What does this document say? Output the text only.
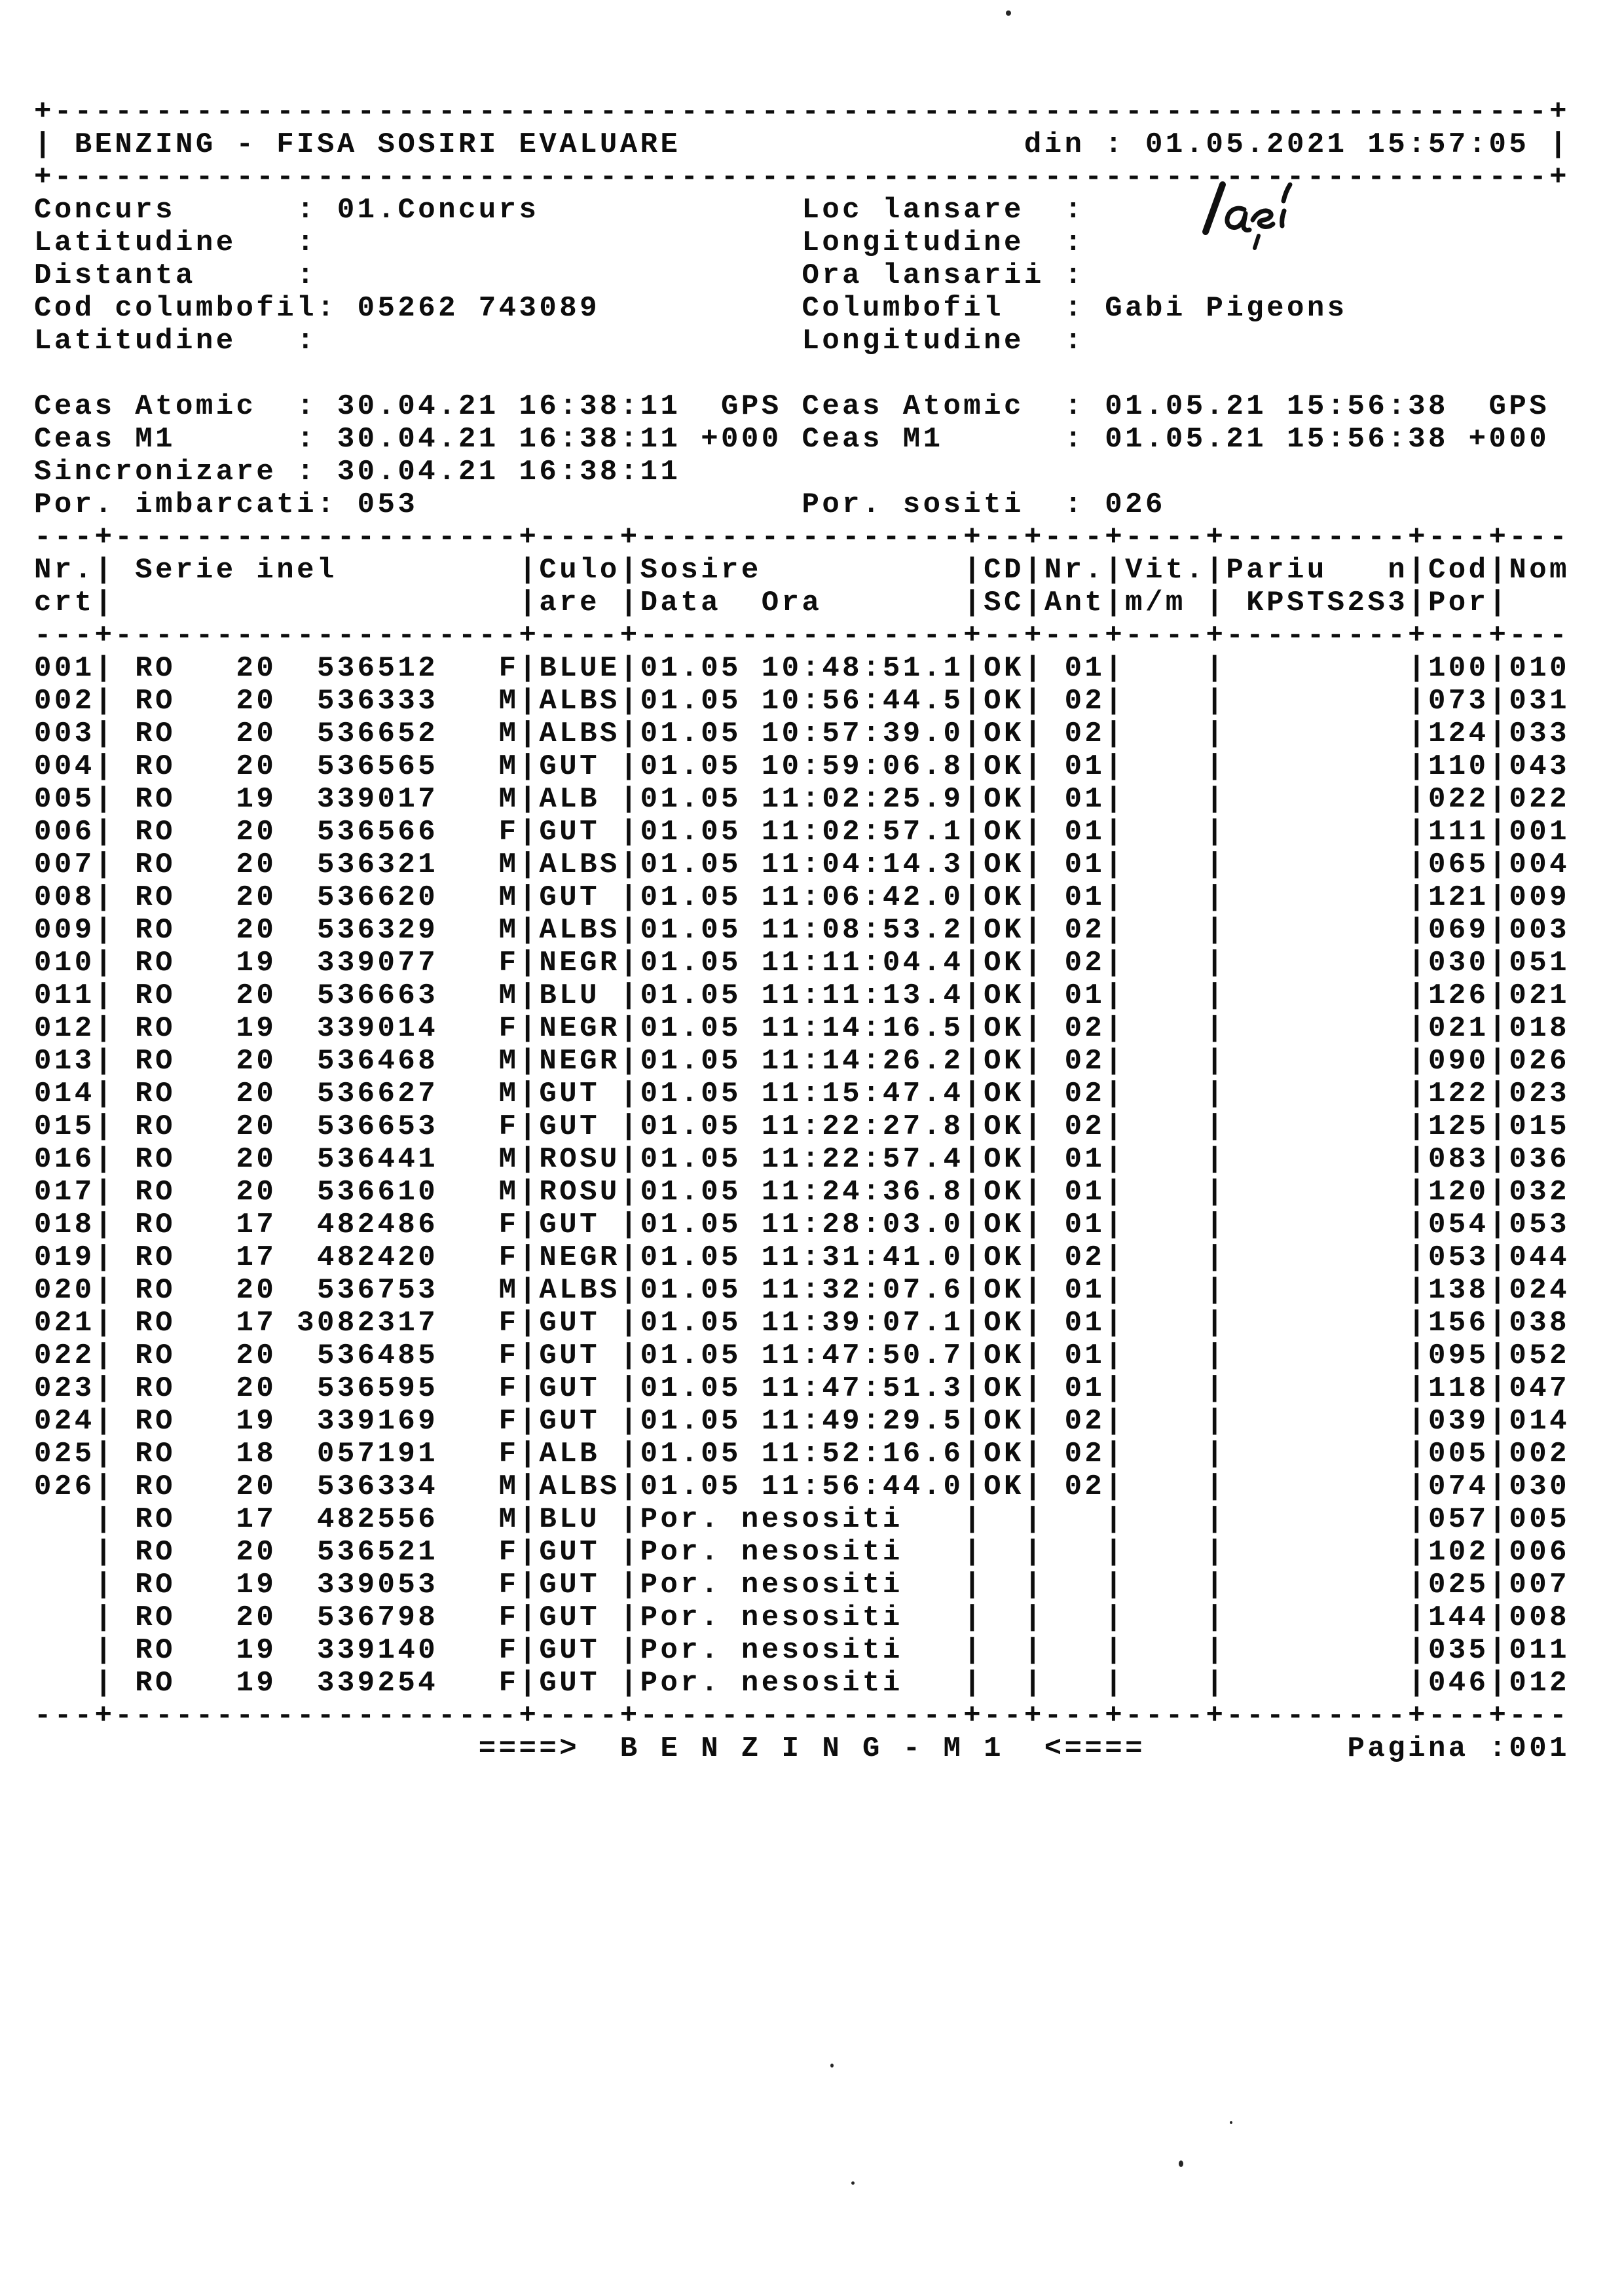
+--------------------------------------------------------------------------+
| BENZING - FISA SOSIRI EVALUARE                 din : 01.05.2021 15:57:05 |
+--------------------------------------------------------------------------+
Concurs      : 01.Concurs             Loc lansare  :
Latitudine   :                        Longitudine  :
Distanta     :                        Ora lansarii :
Cod columbofil: 05262 743089          Columbofil   : Gabi Pigeons
Latitudine   :                        Longitudine  :
Ceas Atomic  : 30.04.21 16:38:11  GPS Ceas Atomic  : 01.05.21 15:56:38  GPS
Ceas M1      : 30.04.21 16:38:11 +000 Ceas M1      : 01.05.21 15:56:38 +000
Sincronizare : 30.04.21 16:38:11
Por. imbarcati: 053                   Por. sositi  : 026
---+--------------------+----+----------------+--+---+----+---------+---+---
Nr.| Serie inel         |Culo|Sosire          |CD|Nr.|Vit.|Pariu   n|Cod|Nom
crt|                    |are |Data  Ora       |SC|Ant|m/m | KPSTS2S3|Por|
---+--------------------+----+----------------+--+---+----+---------+---+---
001| RO   20  536512   F|BLUE|01.05 10:48:51.1|OK| 01|    |         |100|010
002| RO   20  536333   M|ALBS|01.05 10:56:44.5|OK| 02|    |         |073|031
003| RO   20  536652   M|ALBS|01.05 10:57:39.0|OK| 02|    |         |124|033
004| RO   20  536565   M|GUT |01.05 10:59:06.8|OK| 01|    |         |110|043
005| RO   19  339017   M|ALB |01.05 11:02:25.9|OK| 01|    |         |022|022
006| RO   20  536566   F|GUT |01.05 11:02:57.1|OK| 01|    |         |111|001
007| RO   20  536321   M|ALBS|01.05 11:04:14.3|OK| 01|    |         |065|004
008| RO   20  536620   M|GUT |01.05 11:06:42.0|OK| 01|    |         |121|009
009| RO   20  536329   M|ALBS|01.05 11:08:53.2|OK| 02|    |         |069|003
010| RO   19  339077   F|NEGR|01.05 11:11:04.4|OK| 02|    |         |030|051
011| RO   20  536663   M|BLU |01.05 11:11:13.4|OK| 01|    |         |126|021
012| RO   19  339014   F|NEGR|01.05 11:14:16.5|OK| 02|    |         |021|018
013| RO   20  536468   M|NEGR|01.05 11:14:26.2|OK| 02|    |         |090|026
014| RO   20  536627   M|GUT |01.05 11:15:47.4|OK| 02|    |         |122|023
015| RO   20  536653   F|GUT |01.05 11:22:27.8|OK| 02|    |         |125|015
016| RO   20  536441   M|ROSU|01.05 11:22:57.4|OK| 01|    |         |083|036
017| RO   20  536610   M|ROSU|01.05 11:24:36.8|OK| 01|    |         |120|032
018| RO   17  482486   F|GUT |01.05 11:28:03.0|OK| 01|    |         |054|053
019| RO   17  482420   F|NEGR|01.05 11:31:41.0|OK| 02|    |         |053|044
020| RO   20  536753   M|ALBS|01.05 11:32:07.6|OK| 01|    |         |138|024
021| RO   17 3082317   F|GUT |01.05 11:39:07.1|OK| 01|    |         |156|038
022| RO   20  536485   F|GUT |01.05 11:47:50.7|OK| 01|    |         |095|052
023| RO   20  536595   F|GUT |01.05 11:47:51.3|OK| 01|    |         |118|047
024| RO   19  339169   F|GUT |01.05 11:49:29.5|OK| 02|    |         |039|014
025| RO   18  057191   F|ALB |01.05 11:52:16.6|OK| 02|    |         |005|002
026| RO   20  536334   M|ALBS|01.05 11:56:44.0|OK| 02|    |         |074|030
| RO   17  482556   M|BLU |Por. nesositi   |  |   |    |         |057|005
| RO   20  536521   F|GUT |Por. nesositi   |  |   |    |         |102|006
| RO   19  339053   F|GUT |Por. nesositi   |  |   |    |         |025|007
| RO   20  536798   F|GUT |Por. nesositi   |  |   |    |         |144|008
| RO   19  339140   F|GUT |Por. nesositi   |  |   |    |         |035|011
| RO   19  339254   F|GUT |Por. nesositi   |  |   |    |         |046|012
---+--------------------+----+----------------+--+---+----+---------+---+---
====>  B E N Z I N G - M 1  <====          Pagina :001
